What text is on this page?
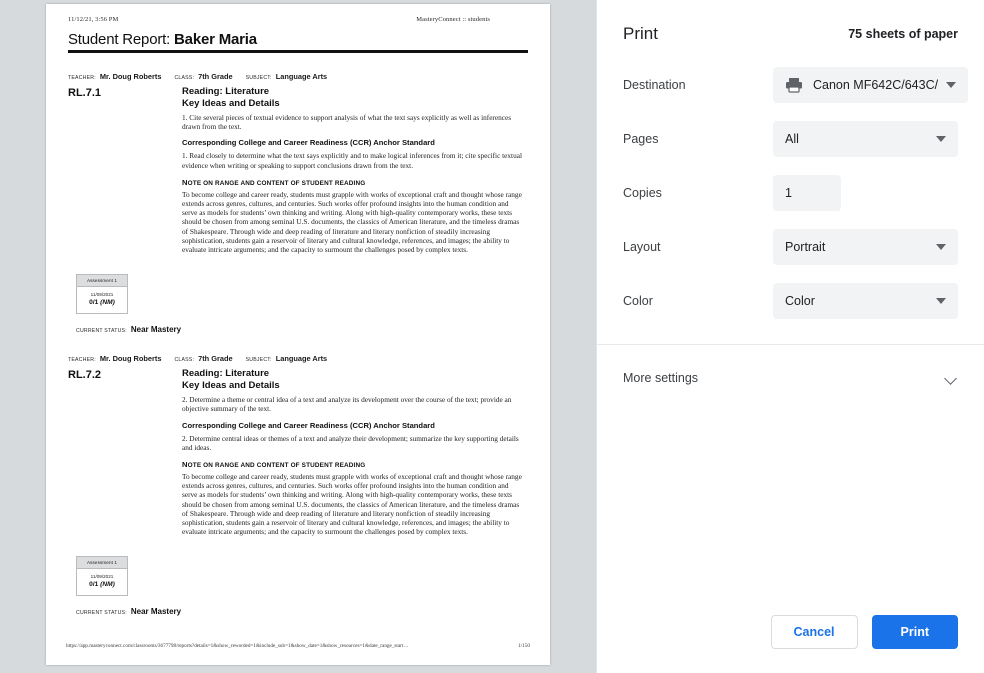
11/12/21, 3:56 PM	MasteryConnect :: students
Student Report: Baker Maria
TEACHER: Mr. Doug Roberts	CLASS: 7th Grade	SUBJECT: Language Arts
RL.7.1	Reading: Literature
Key Ideas and Details
1. Cite several pieces of textual evidence to support analysis of what the text says explicitly as well as inferences drawn from the text.
Corresponding College and Career Readiness (CCR) Anchor Standard
1. Read closely to determine what the text says explicitly and to make logical inferences from it; cite specific textual evidence when writing or speaking to support conclusions drawn from the text.
NOTE ON RANGE AND CONTENT OF STUDENT READING
To become college and career ready, students must grapple with works of exceptional craft and thought whose range extends across genres, cultures, and centuries. Such works offer profound insights into the human condition and serve as models for students’ own thinking and writing. Along with high-quality contemporary works, these texts should be chosen from among seminal U.S. documents, the classics of American literature, and the timeless dramas of Shakespeare. Through wide and deep reading of literature and literary nonfiction of steadily increasing sophistication, students gain a reservoir of literary and cultural knowledge, references, and images; the ability to evaluate intricate arguments; and the capacity to surmount the challenges posed by complex texts.
Assessment 1
11/09/2021
0/1 (NM)
CURRENT STATUS: Near Mastery
TEACHER: Mr. Doug Roberts	CLASS: 7th Grade	SUBJECT: Language Arts
RL.7.2	Reading: Literature
Key Ideas and Details
2. Determine a theme or central idea of a text and analyze its development over the course of the text; provide an objective summary of the text.
Corresponding College and Career Readiness (CCR) Anchor Standard
2. Determine central ideas or themes of a text and analyze their development; summarize the key supporting details and ideas.
NOTE ON RANGE AND CONTENT OF STUDENT READING
To become college and career ready, students must grapple with works of exceptional craft and thought whose range extends across genres, cultures, and centuries. Such works offer profound insights into the human condition and serve as models for students’ own thinking and writing. Along with high-quality contemporary works, these texts should be chosen from among seminal U.S. documents, the classics of American literature, and the timeless dramas of Shakespeare. Through wide and deep reading of literature and literary nonfiction of steadily increasing sophistication, students gain a reservoir of literary and cultural knowledge, references, and images; the ability to evaluate intricate arguments; and the capacity to surmount the challenges posed by complex texts.
Assessment 1
11/09/2021
0/1 (NM)
CURRENT STATUS: Near Mastery
https://app.masteryconnect.com/classrooms/3677798/reports?details=1&show_reworded=1&include_sub=1&show_date=1&show_resources=1&date_range_start…	1/150
Print	75 sheets of paper
Destination	Canon MF642C/643C/
Pages	All
Copies	1
Layout	Portrait
Color	Color
More settings
Cancel	Print
